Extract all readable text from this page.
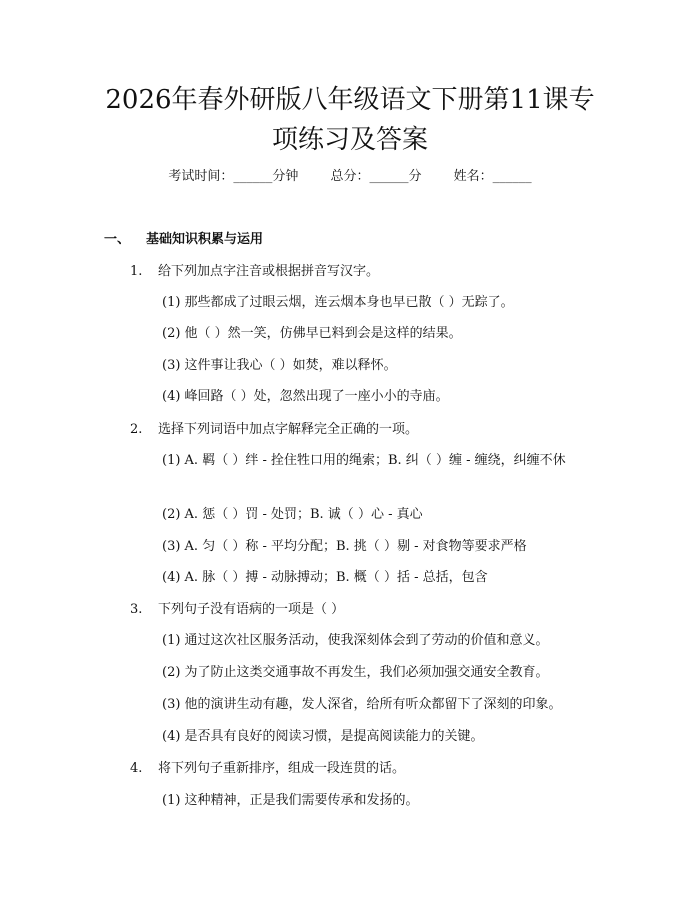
2026年春外研版八年级语文下册第11课专
项练习及答案
考试时间：______分钟 总分：______分 姓名：______
一、 基础知识积累与运用
1. 给下列加点字注音或根据拼音写汉字。
(1) 那些都成了过眼云烟，连云烟本身也早已散（ ）无踪了。
(2) 他（ ）然一笑，仿佛早已料到会是这样的结果。
(3) 这件事让我心（ ）如焚，难以释怀。
(4) 峰回路（ ）处，忽然出现了一座小小的寺庙。
2. 选择下列词语中加点字解释完全正确的一项。
(1) A. 羁（ ）绊 - 拴住牲口用的绳索；B. 纠（ ）缠 - 缠绕，纠缠不休
(2) A. 惩（ ）罚 - 处罚；B. 诚（ ）心 - 真心
(3) A. 匀（ ）称 - 平均分配；B. 挑（ ）剔 - 对食物等要求严格
(4) A. 脉（ ）搏 - 动脉搏动；B. 概（ ）括 - 总括，包含
3. 下列句子没有语病的一项是（ ）
(1) 通过这次社区服务活动，使我深刻体会到了劳动的价值和意义。
(2) 为了防止这类交通事故不再发生，我们必须加强交通安全教育。
(3) 他的演讲生动有趣，发人深省，给所有听众都留下了深刻的印象。
(4) 是否具有良好的阅读习惯，是提高阅读能力的关键。
4. 将下列句子重新排序，组成一段连贯的话。
(1) 这种精神，正是我们需要传承和发扬的。
